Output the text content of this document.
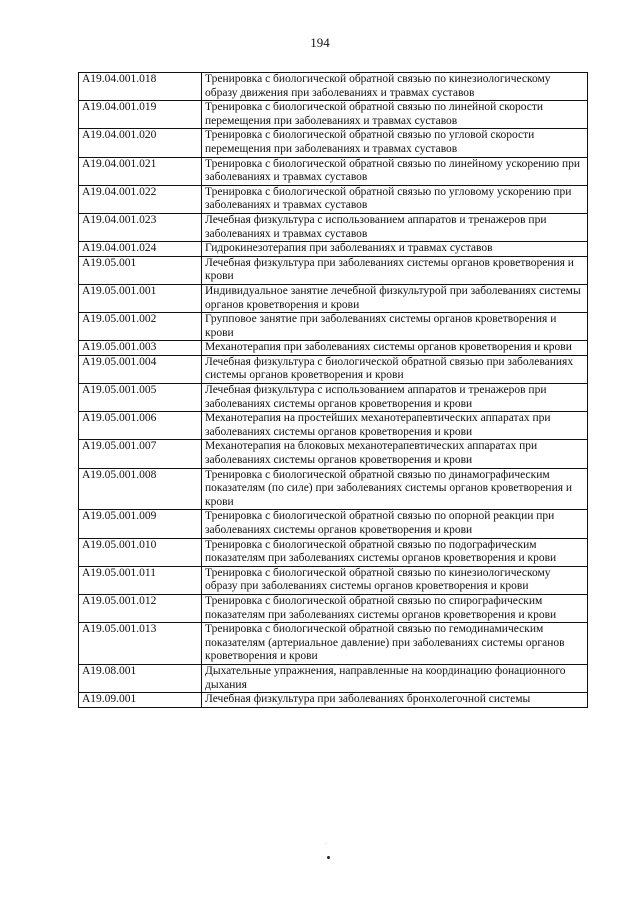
194
A19.04.001.018	Тренировка с биологической обратной связью по кинезиологическому образу движения при заболеваниях и травмах суставов
A19.04.001.019	Тренировка с биологической обратной связью по линейной скорости перемещения при заболеваниях и травмах суставов
A19.04.001.020	Тренировка с биологической обратной связью по угловой скорости перемещения при заболеваниях и травмах суставов
A19.04.001.021	Тренировка с биологической обратной связью по линейному ускорению при заболеваниях и травмах суставов
A19.04.001.022	Тренировка с биологической обратной связью по угловому ускорению при заболеваниях и травмах суставов
A19.04.001.023	Лечебная физкультура с использованием аппаратов и тренажеров при заболеваниях и травмах суставов
A19.04.001.024	Гидрокинезотерапия при заболеваниях и травмах суставов
A19.05.001	Лечебная физкультура при заболеваниях системы органов кроветворения и крови
A19.05.001.001	Индивидуальное занятие лечебной физкультурой при заболеваниях системы органов кроветворения и крови
A19.05.001.002	Групповое занятие при заболеваниях системы органов кроветворения и крови
A19.05.001.003	Механотерапия при заболеваниях системы органов кроветворения и крови
A19.05.001.004	Лечебная физкультура с биологической обратной связью при заболеваниях системы органов кроветворения и крови
A19.05.001.005	Лечебная физкультура с использованием аппаратов и тренажеров при заболеваниях системы органов кроветворения и крови
A19.05.001.006	Механотерапия на простейших механотерапевтических аппаратах при заболеваниях системы органов кроветворения и крови
A19.05.001.007	Механотерапия на блоковых механотерапевтических аппаратах при заболеваниях системы органов кроветворения и крови
A19.05.001.008	Тренировка с биологической обратной связью по динамографическим показателям (по силе) при заболеваниях системы органов кроветворения и крови
A19.05.001.009	Тренировка с биологической обратной связью по опорной реакции при заболеваниях системы органов кроветворения и крови
A19.05.001.010	Тренировка с биологической обратной связью по подографическим показателям при заболеваниях системы органов кроветворения и крови
A19.05.001.011	Тренировка с биологической обратной связью по кинезиологическому образу при заболеваниях системы органов кроветворения и крови
A19.05.001.012	Тренировка с биологической обратной связью по спирографическим показателям при заболеваниях системы органов кроветворения и крови
A19.05.001.013	Тренировка с биологической обратной связью по гемодинамическим показателям (артериальное давление) при заболеваниях системы органов кроветворения и крови
A19.08.001	Дыхательные упражнения, направленные на координацию фонационного дыхания
A19.09.001	Лечебная физкультура при заболеваниях бронхолегочной системы
˙
